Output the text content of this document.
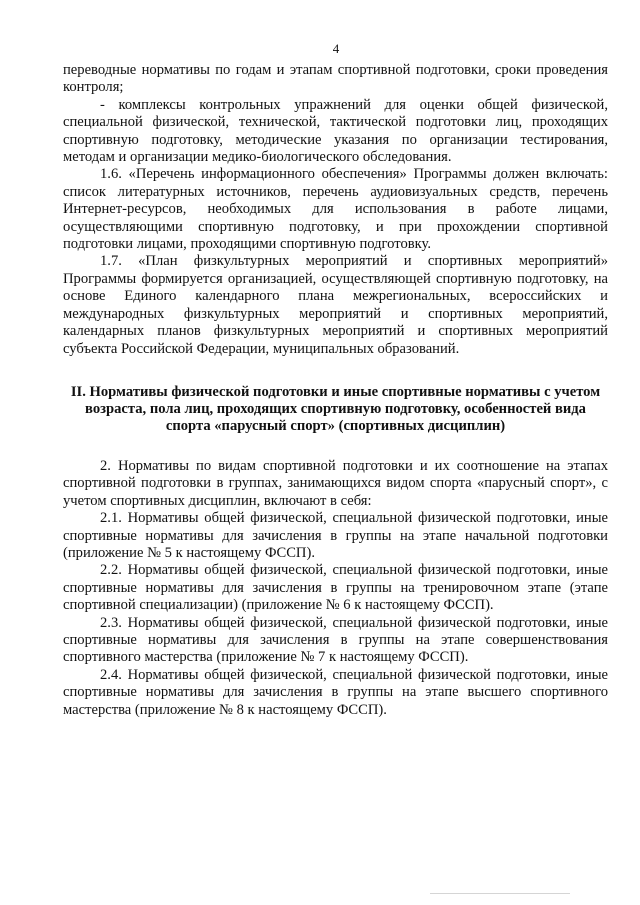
4

переводные нормативы по годам и этапам спортивной подготовки, сроки проведения контроля;

- комплексы контрольных упражнений для оценки общей физической, специальной физической, технической, тактической подготовки лиц, проходящих спортивную подготовку, методические указания по организации тестирования, методам и организации медико-биологического обследования.

1.6. «Перечень информационного обеспечения» Программы должен включать: список литературных источников, перечень аудиовизуальных средств, перечень Интернет-ресурсов, необходимых для использования в работе лицами, осуществляющими спортивную подготовку, и при прохождении спортивной подготовки лицами, проходящими спортивную подготовку.

1.7. «План физкультурных мероприятий и спортивных мероприятий» Программы формируется организацией, осуществляющей спортивную подготовку, на основе Единого календарного плана межрегиональных, всероссийских и международных физкультурных мероприятий и спортивных мероприятий, календарных планов физкультурных мероприятий и спортивных мероприятий субъекта Российской Федерации, муниципальных образований.

II. Нормативы физической подготовки и иные спортивные нормативы с учетом возраста, пола лиц, проходящих спортивную подготовку, особенностей вида спорта «парусный спорт» (спортивных дисциплин)

2. Нормативы по видам спортивной подготовки и их соотношение на этапах спортивной подготовки в группах, занимающихся видом спорта «парусный спорт», с учетом спортивных дисциплин, включают в себя:

2.1. Нормативы общей физической, специальной физической подготовки, иные спортивные нормативы для зачисления в группы на этапе начальной подготовки (приложение № 5 к настоящему ФССП).

2.2. Нормативы общей физической, специальной физической подготовки, иные спортивные нормативы для зачисления в группы на тренировочном этапе (этапе спортивной специализации) (приложение № 6 к настоящему ФССП).

2.3. Нормативы общей физической, специальной физической подготовки, иные спортивные нормативы для зачисления в группы на этапе совершенствования спортивного мастерства (приложение № 7 к настоящему ФССП).

2.4. Нормативы общей физической, специальной физической подготовки, иные спортивные нормативы для зачисления в группы на этапе высшего спортивного мастерства (приложение № 8 к настоящему ФССП).
